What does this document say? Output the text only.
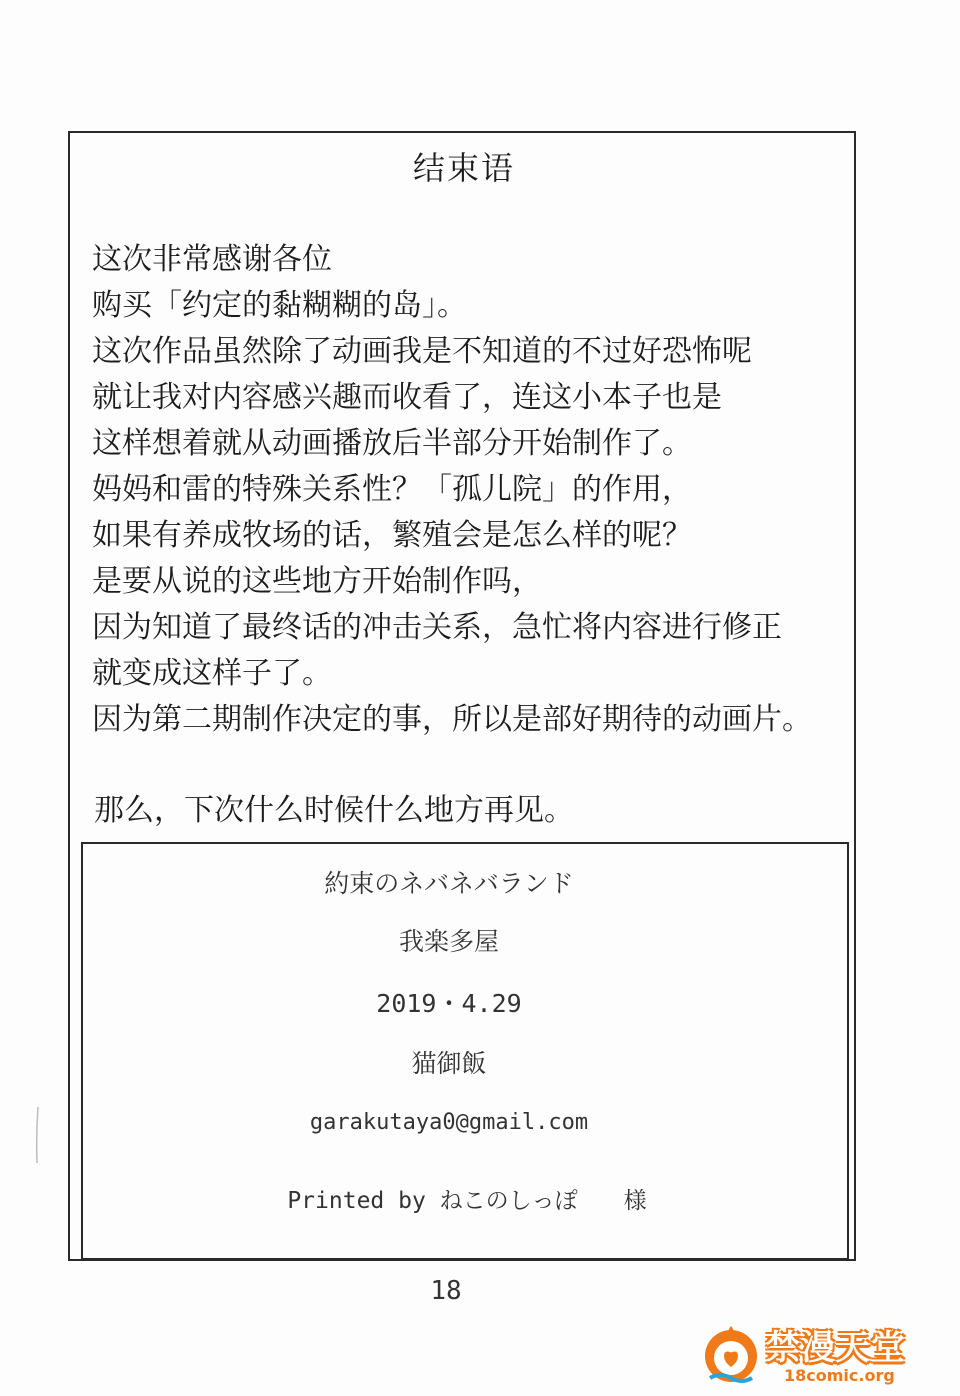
结束语
这次非常感谢各位
购买「约定的黏糊糊的岛」。
这次作品虽然除了动画我是不知道的不过好恐怖呢
就让我对内容感兴趣而收看了，连这小本子也是
这样想着就从动画播放后半部分开始制作了。
妈妈和雷的特殊关系性？「孤儿院」的作用，
如果有养成牧场的话，繁殖会是怎么样的呢？
是要从说的这些地方开始制作吗，
因为知道了最终话的冲击关系，急忙将内容进行修正
就变成这样子了。
因为第二期制作决定的事，所以是部好期待的动画片。
那么，下次什么时候什么地方再见。
約束のネバネバランド
我楽多屋
2019・4.29
猫御飯
garakutaya0@gmail.com
Printed by ねこのしっぽ　　様
18
禁漫天堂
18comic.org
